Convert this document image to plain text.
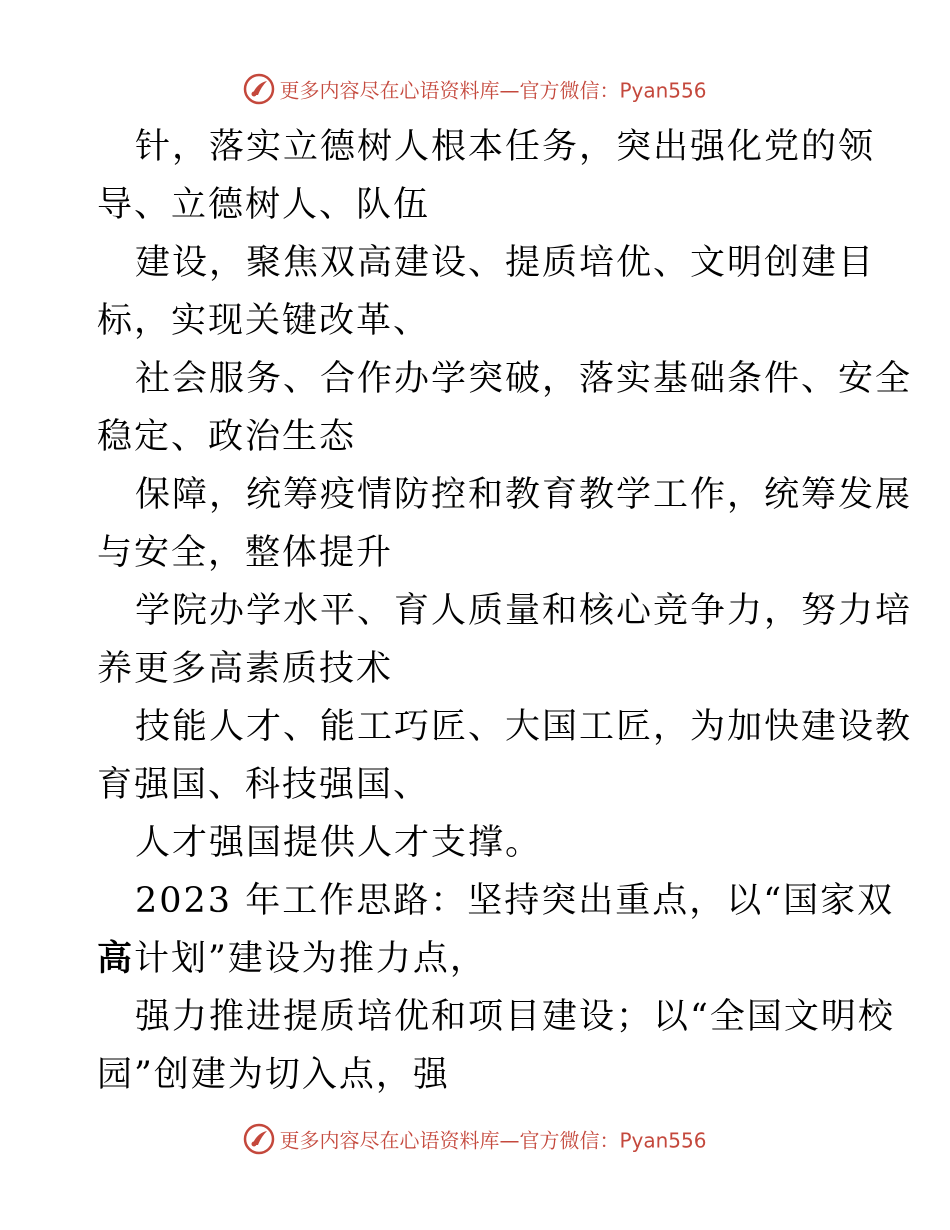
更多内容尽在心语资料库—官方微信：Pyan556
针，落实立德树人根本任务，突出强化党的领
导、立德树人、队伍
建设，聚焦双高建设、提质培优、文明创建目
标，实现关键改革、
社会服务、合作办学突破，落实基础条件、安全
稳定、政治生态
保障，统筹疫情防控和教育教学工作，统筹发展
与安全，整体提升
学院办学水平、育人质量和核心竞争力，努力培
养更多高素质技术
技能人才、能工巧匠、大国工匠，为加快建设教
育强国、科技强国、
人才强国提供人才支撑。
2023 年工作思路：坚持突出重点，以“国家双
高计划”建设为推力点，
强力推进提质培优和项目建设；以“全国文明校
园”创建为切入点，强
更多内容尽在心语资料库—官方微信：Pyan556
